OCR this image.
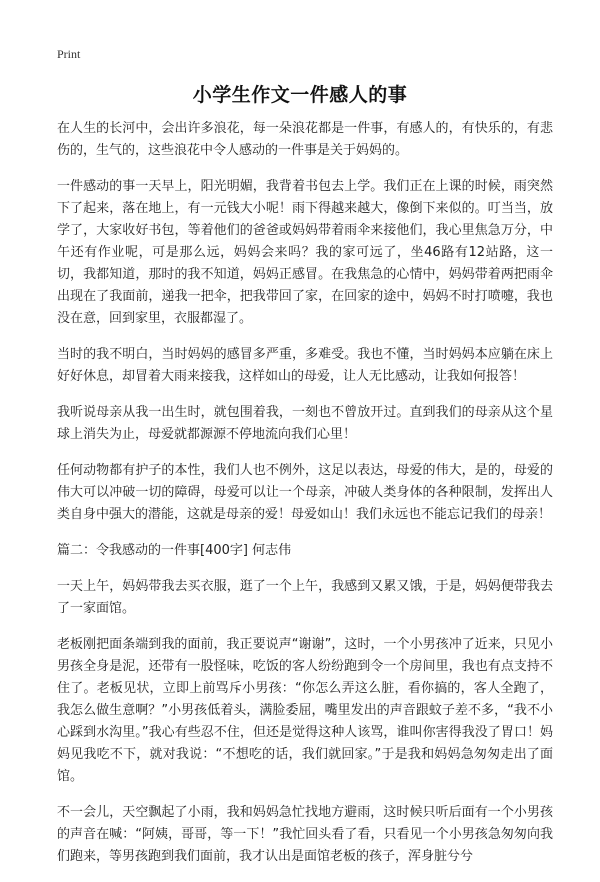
Print
小学生作文一件感人的事

在人生的长河中，会出许多浪花，每一朵浪花都是一件事，有感人的，有快乐的，有悲伤的，生气的，这些浪花中令人感动的一件事是关于妈妈的。

一件感动的事一天早上，阳光明媚，我背着书包去上学。我们正在上课的时候，雨突然下了起来，落在地上，有一元钱大小呢！雨下得越来越大，像倒下来似的。叮当当，放学了，大家收好书包，等着他们的爸爸或妈妈带着雨伞来接他们，我心里焦急万分，中午还有作业呢，可是那么远，妈妈会来吗？我的家可远了，坐46路有12站路，这一切，我都知道，那时的我不知道，妈妈正感冒。在我焦急的心情中，妈妈带着两把雨伞出现在了我面前，递我一把伞，把我带回了家，在回家的途中，妈妈不时打喷嚏，我也没在意，回到家里，衣服都湿了。

当时的我不明白，当时妈妈的感冒多严重，多难受。我也不懂，当时妈妈本应躺在床上好好休息，却冒着大雨来接我，这样如山的母爱，让人无比感动，让我如何报答！

我听说母亲从我一出生时，就包围着我，一刻也不曾放开过。直到我们的母亲从这个星球上消失为止，母爱就都源源不停地流向我们心里！

任何动物都有护子的本性，我们人也不例外，这足以表达，母爱的伟大，是的，母爱的伟大可以冲破一切的障碍，母爱可以让一个母亲，冲破人类身体的各种限制，发挥出人类自身中强大的潜能，这就是母亲的爱！母爱如山！我们永远也不能忘记我们的母亲！

篇二：令我感动的一件事[400字] 何志伟

一天上午，妈妈带我去买衣服，逛了一个上午，我感到又累又饿，于是，妈妈便带我去了一家面馆。

老板刚把面条端到我的面前，我正要说声“谢谢”，这时，一个小男孩冲了近来，只见小男孩全身是泥，还带有一股怪味，吃饭的客人纷纷跑到令一个房间里，我也有点支持不住了。老板见状，立即上前骂斥小男孩：“你怎么弄这么脏，看你搞的，客人全跑了，我怎么做生意啊？”小男孩低着头，满脸委屈，嘴里发出的声音跟蚊子差不多，“我不小心踩到水沟里。”我心有些忍不住，但还是觉得这种人该骂，谁叫你害得我没了胃口！妈妈见我吃不下，就对我说：“不想吃的话，我们就回家。”于是我和妈妈急匆匆走出了面馆。

不一会儿，天空飘起了小雨，我和妈妈急忙找地方避雨，这时候只听后面有一个小男孩的声音在喊：“阿姨，哥哥，等一下！”我忙回头看了看，只看见一个小男孩急匆匆向我们跑来，等男孩跑到我们面前，我才认出是面馆老板的孩子，浑身脏兮兮
